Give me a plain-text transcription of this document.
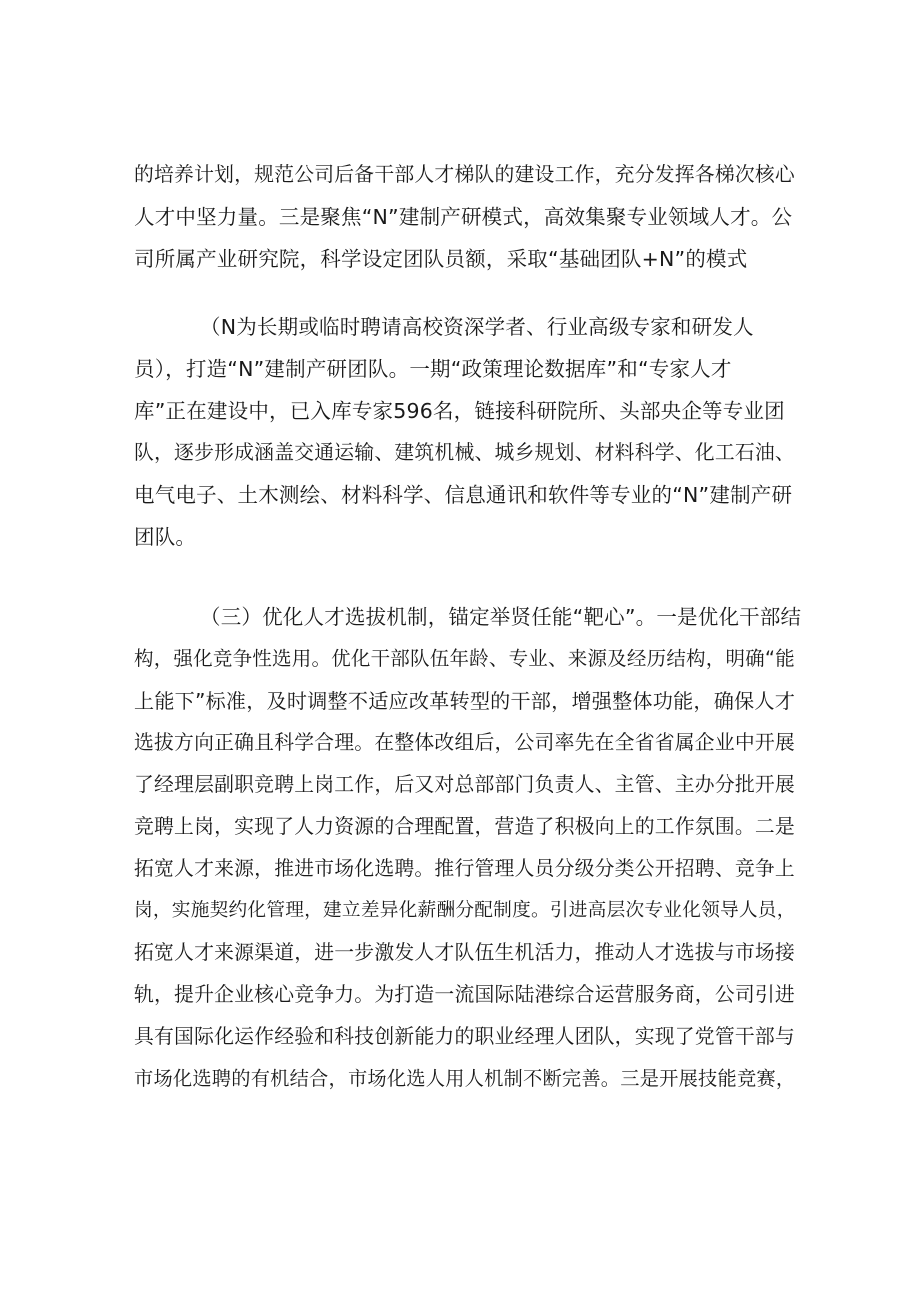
的培养计划，规范公司后备干部人才梯队的建设工作，充分发挥各梯次核心
人才中坚力量。三是聚焦“N”建制产研模式，高效集聚专业领域人才。公
司所属产业研究院，科学设定团队员额，采取“基础团队+N”的模式
（N为长期或临时聘请高校资深学者、行业高级专家和研发人
员），打造“N”建制产研团队。一期“政策理论数据库”和“专家人才
库”正在建设中，已入库专家596名，链接科研院所、头部央企等专业团
队，逐步形成涵盖交通运输、建筑机械、城乡规划、材料科学、化工石油、
电气电子、土木测绘、材料科学、信息通讯和软件等专业的“N”建制产研
团队。
（三）优化人才选拔机制，锚定举贤任能“靶心”。一是优化干部结
构，强化竞争性选用。优化干部队伍年龄、专业、来源及经历结构，明确“能
上能下”标准，及时调整不适应改革转型的干部，增强整体功能，确保人才
选拔方向正确且科学合理。在整体改组后，公司率先在全省省属企业中开展
了经理层副职竞聘上岗工作，后又对总部部门负责人、主管、主办分批开展
竞聘上岗，实现了人力资源的合理配置，营造了积极向上的工作氛围。二是
拓宽人才来源，推进市场化选聘。推行管理人员分级分类公开招聘、竞争上
岗，实施契约化管理，建立差异化薪酬分配制度。引进高层次专业化领导人员，
拓宽人才来源渠道，进一步激发人才队伍生机活力，推动人才选拔与市场接
轨，提升企业核心竞争力。为打造一流国际陆港综合运营服务商，公司引进
具有国际化运作经验和科技创新能力的职业经理人团队，实现了党管干部与
市场化选聘的有机结合，市场化选人用人机制不断完善。三是开展技能竞赛，
